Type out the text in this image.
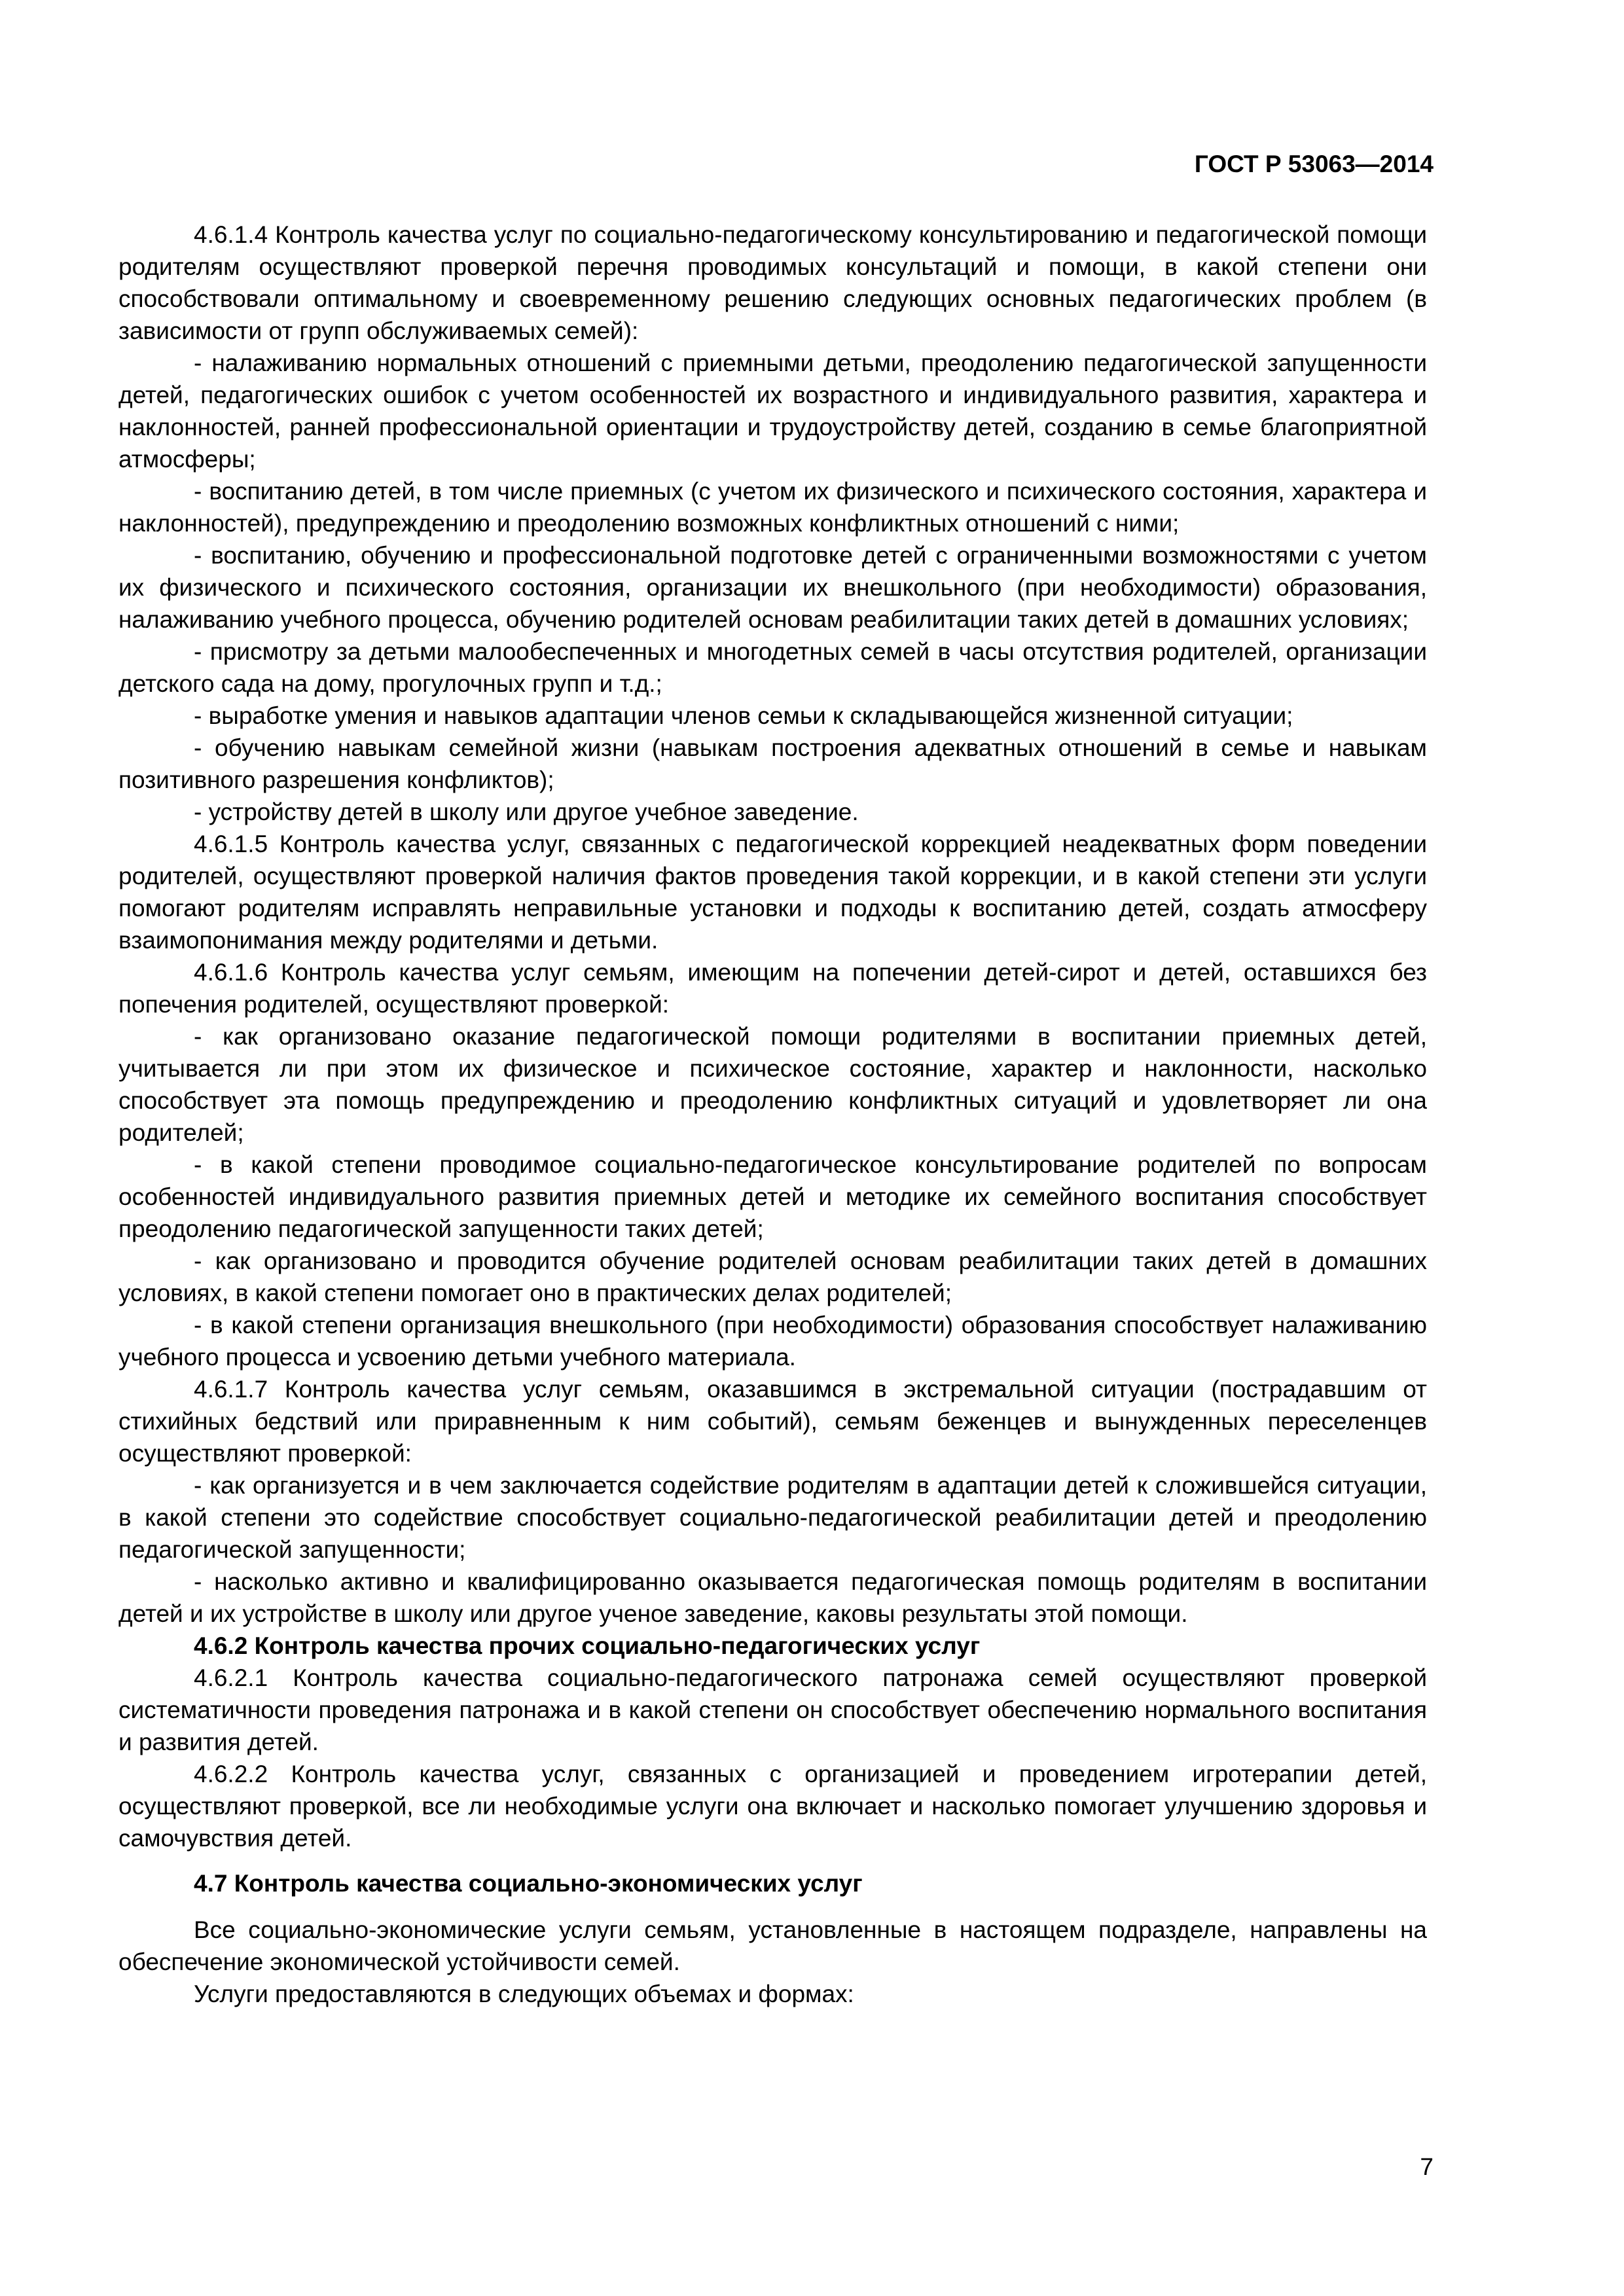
ГОСТ Р 53063—2014

4.6.1.4 Контроль качества услуг по социально-педагогическому консультированию и педагогической помощи родителям осуществляют проверкой перечня проводимых консультаций и помощи, в какой степени они способствовали оптимальному и своевременному решению следующих основных педагогических проблем (в зависимости от групп обслуживаемых семей):

- налаживанию нормальных отношений с приемными детьми, преодолению педагогической запущенности детей, педагогических ошибок с учетом особенностей их возрастного и индивидуального развития, характера и наклонностей, ранней профессиональной ориентации и трудоустройству детей, созданию в семье благоприятной атмосферы;

- воспитанию детей, в том числе приемных (с учетом их физического и психического состояния, характера и наклонностей), предупреждению и преодолению возможных конфликтных отношений с ними;

- воспитанию, обучению и профессиональной подготовке детей с ограниченными возможностями с учетом их физического и психического состояния, организации их внешкольного (при необходимости) образования, налаживанию учебного процесса, обучению родителей основам реабилитации таких детей в домашних условиях;

- присмотру за детьми малообеспеченных и многодетных семей в часы отсутствия родителей, организации детского сада на дому, прогулочных групп и т.д.;

- выработке умения и навыков адаптации членов семьи к складывающейся жизненной ситуации;

- обучению навыкам семейной жизни (навыкам построения адекватных отношений в семье и навыкам позитивного разрешения конфликтов);

- устройству детей в школу или другое учебное заведение.

4.6.1.5 Контроль качества услуг, связанных с педагогической коррекцией неадекватных форм поведении родителей, осуществляют проверкой наличия фактов проведения такой коррекции, и в какой степени эти услуги помогают родителям исправлять неправильные установки и подходы к воспитанию детей, создать атмосферу взаимопонимания между родителями и детьми.

4.6.1.6 Контроль качества услуг семьям, имеющим на попечении детей-сирот и детей, оставшихся без попечения родителей, осуществляют проверкой:

- как организовано оказание педагогической помощи родителями в воспитании приемных детей, учитывается ли при этом их физическое и психическое состояние, характер и наклонности, насколько способствует эта помощь предупреждению и преодолению конфликтных ситуаций и удовлетворяет ли она родителей;

- в какой степени проводимое социально-педагогическое консультирование родителей по вопросам особенностей индивидуального развития приемных детей и методике их семейного воспитания способствует преодолению педагогической запущенности таких детей;

- как организовано и проводится обучение родителей основам реабилитации таких детей в домашних условиях, в какой степени помогает оно в практических делах родителей;

- в какой степени организация внешкольного (при необходимости) образования способствует налаживанию учебного процесса и усвоению детьми учебного материала.

4.6.1.7 Контроль качества услуг семьям, оказавшимся в экстремальной ситуации (пострадавшим от стихийных бедствий или приравненным к ним событий), семьям беженцев и вынужденных переселенцев осуществляют проверкой:

- как организуется и в чем заключается содействие родителям в адаптации детей к сложившейся ситуации, в какой степени это содействие способствует социально-педагогической реабилитации детей и преодолению педагогической запущенности;

- насколько активно и квалифицированно оказывается педагогическая помощь родителям в воспитании детей и их устройстве в школу или другое ученое заведение, каковы результаты этой помощи.

4.6.2 Контроль качества прочих социально-педагогических услуг

4.6.2.1 Контроль качества социально-педагогического патронажа семей осуществляют проверкой систематичности проведения патронажа и в какой степени он способствует обеспечению нормального воспитания и развития детей.

4.6.2.2 Контроль качества услуг, связанных с организацией и проведением игротерапии детей, осуществляют проверкой, все ли необходимые услуги она включает и насколько помогает улучшению здоровья и самочувствия детей.

4.7 Контроль качества социально-экономических услуг

Все социально-экономические услуги семьям, установленные в настоящем подразделе, направлены на обеспечение экономической устойчивости семей.

Услуги предоставляются в следующих объемах и формах:

7
